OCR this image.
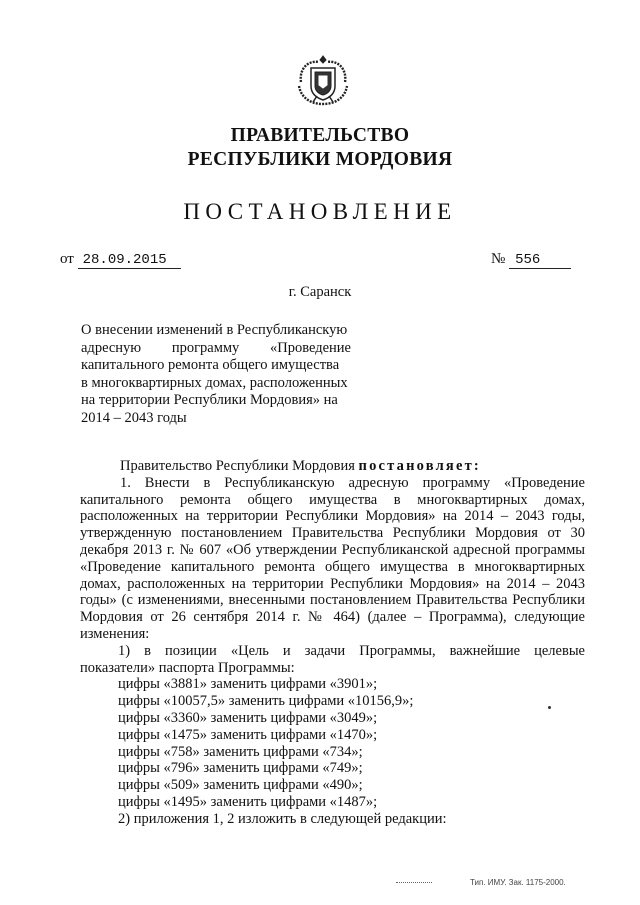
ПРАВИТЕЛЬСТВО
РЕСПУБЛИКИ МОРДОВИЯ
ПОСТАНОВЛЕНИЕ
от 28.09.2015	№ 556
г. Саранск
О внесении изменений в Республиканскую
адресную программу «Проведение
капитального ремонта общего имущества
в многоквартирных домах, расположенных
на территории Республики Мордовия» на
2014 – 2043 годы
Правительство Республики Мордовия постановляет:
1. Внести в Республиканскую адресную программу «Проведение
капитального ремонта общего имущества в многоквартирных домах,
расположенных на территории Республики Мордовия» на 2014 – 2043 годы,
утвержденную постановлением Правительства Республики Мордовия от 30
декабря 2013 г. № 607 «Об утверждении Республиканской адресной программы
«Проведение капитального ремонта общего имущества в многоквартирных
домах, расположенных на территории Республики Мордовия» на 2014 – 2043
годы» (с изменениями, внесенными постановлением Правительства Республики
Мордовия от 26 сентября 2014 г. № 464) (далее – Программа), следующие
изменения:
1) в позиции «Цель и задачи Программы, важнейшие целевые
показатели» паспорта Программы:
цифры «3881» заменить цифрами «3901»;
цифры «10057,5» заменить цифрами «10156,9»;
цифры «3360» заменить цифрами «3049»;
цифры «1475» заменить цифрами «1470»;
цифры «758» заменить цифрами «734»;
цифры «796» заменить цифрами «749»;
цифры «509» заменить цифрами «490»;
цифры «1495» заменить цифрами «1487»;
2) приложения 1, 2 изложить в следующей редакции:
Тип. ИМУ. Зак. 1175-2000.
